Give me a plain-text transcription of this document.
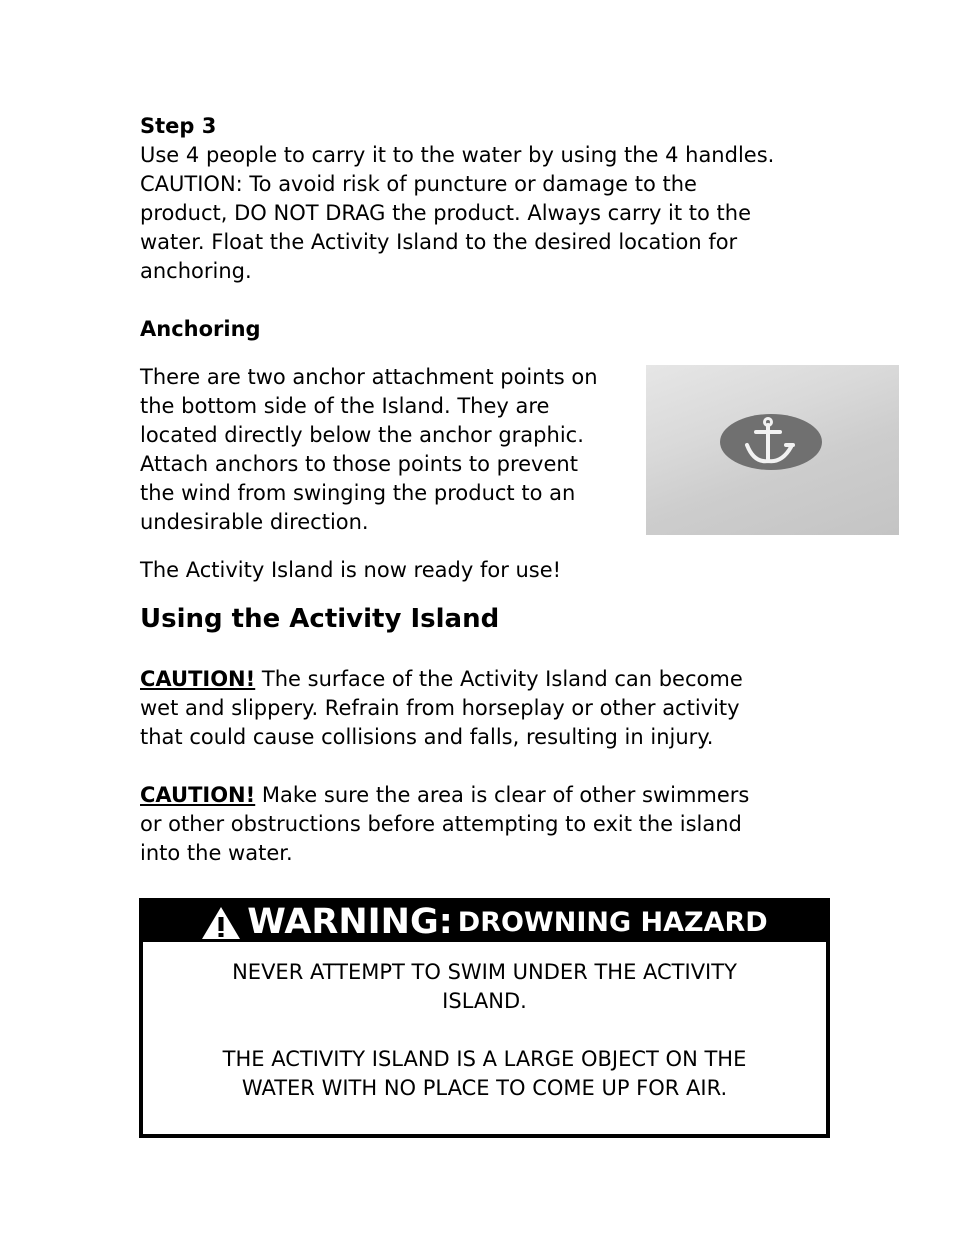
Step 3
Use 4 people to carry it to the water by using the 4 handles.
CAUTION: To avoid risk of puncture or damage to the
product, DO NOT DRAG the product. Always carry it to the
water. Float the Activity Island to the desired location for
anchoring.
Anchoring
There are two anchor attachment points on
the bottom side of the Island. They are
located directly below the anchor graphic.
Attach anchors to those points to prevent
the wind from swinging the product to an
undesirable direction.
The Activity Island is now ready for use!
Using the Activity Island
CAUTION! The surface of the Activity Island can become
wet and slippery. Refrain from horseplay or other activity
that could cause collisions and falls, resulting in injury.
CAUTION! Make sure the area is clear of other swimmers
or other obstructions before attempting to exit the island
into the water.
WARNING: DROWNING HAZARD

NEVER ATTEMPT TO SWIM UNDER THE ACTIVITY
ISLAND.

THE ACTIVITY ISLAND IS A LARGE OBJECT ON THE
WATER WITH NO PLACE TO COME UP FOR AIR.
